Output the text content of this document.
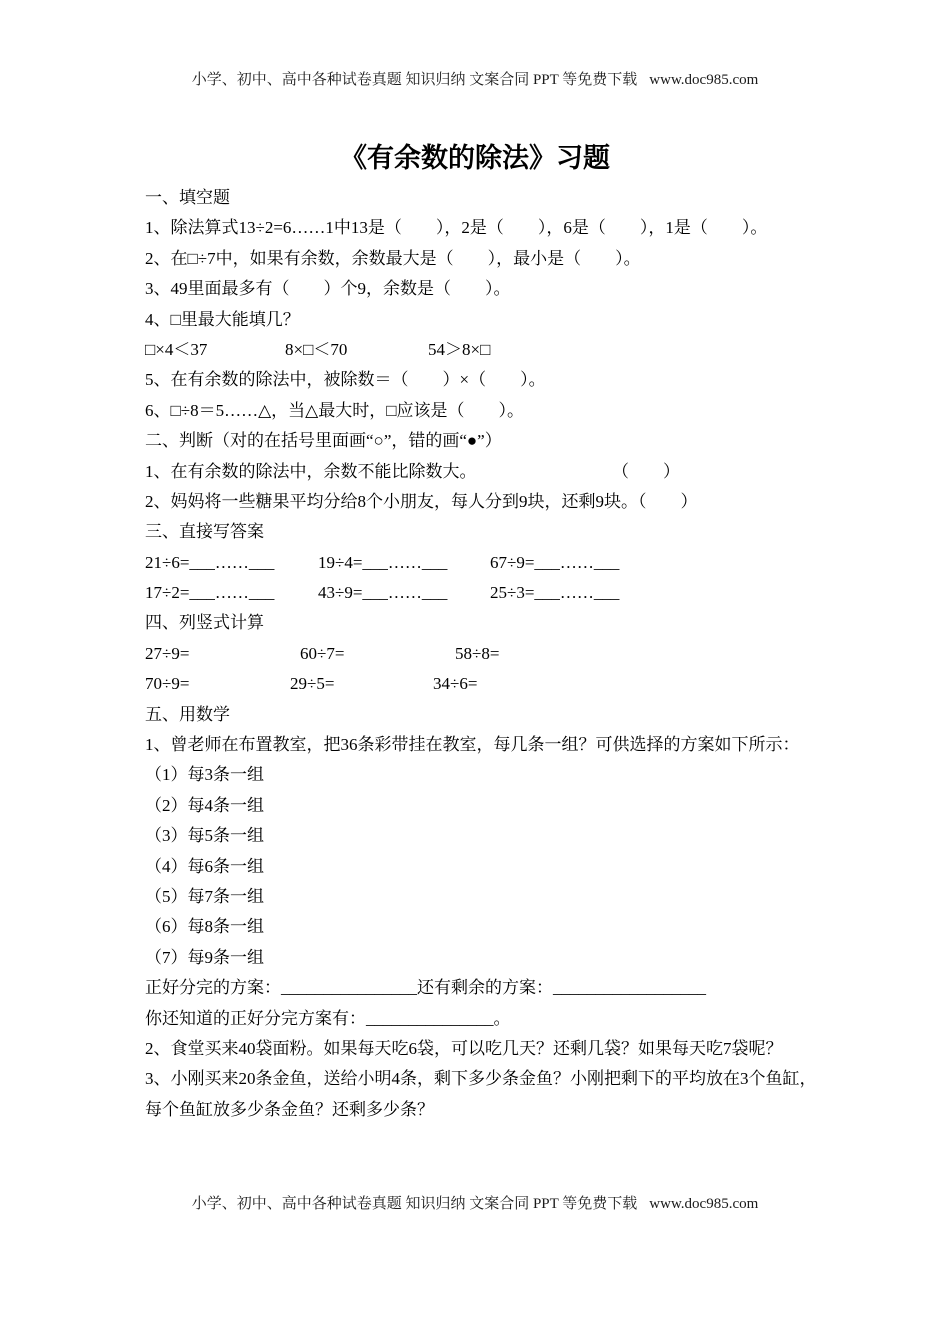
小学、初中、高中各种试卷真题 知识归纳 文案合同 PPT 等免费下载 www.doc985.com
《有余数的除法》习题
一、填空题
1、除法算式13÷2=6……1中13是（　　），2是（　　），6是（　　），1是（　　）。
2、在□÷7中，如果有余数，余数最大是（　　），最小是（　　）。
3、49里面最多有（　　）个9，余数是（　　）。
4、□里最大能填几？
□×4＜37	8×□＜70	54＞8×□
5、在有余数的除法中，被除数＝（　　）×（　　）。
6、□÷8＝5……△，当△最大时，□应该是（　　）。
二、判断（对的在括号里面画“○”，错的画“●”）
1、在有余数的除法中，余数不能比除数大。	（　　）
2、妈妈将一些糖果平均分给8个小朋友，每人分到9块，还剩9块。（　　）
三、直接写答案
21÷6=___……___	19÷4=___……___	67÷9=___……___
17÷2=___……___	43÷9=___……___	25÷3=___……___
四、列竖式计算
27÷9=	60÷7=	58÷8=
70÷9=	29÷5=	34÷6=
五、用数学
1、曾老师在布置教室，把36条彩带挂在教室，每几条一组？可供选择的方案如下所示：
（1）每3条一组
（2）每4条一组
（3）每5条一组
（4）每6条一组
（5）每7条一组
（6）每8条一组
（7）每9条一组
正好分完的方案：________________还有剩余的方案：__________________
你还知道的正好分完方案有：_______________。
2、食堂买来40袋面粉。如果每天吃6袋，可以吃几天？还剩几袋？如果每天吃7袋呢？
3、小刚买来20条金鱼，送给小明4条，剩下多少条金鱼？小刚把剩下的平均放在3个鱼缸，
每个鱼缸放多少条金鱼？还剩多少条？
小学、初中、高中各种试卷真题 知识归纳 文案合同 PPT 等免费下载 www.doc985.com
